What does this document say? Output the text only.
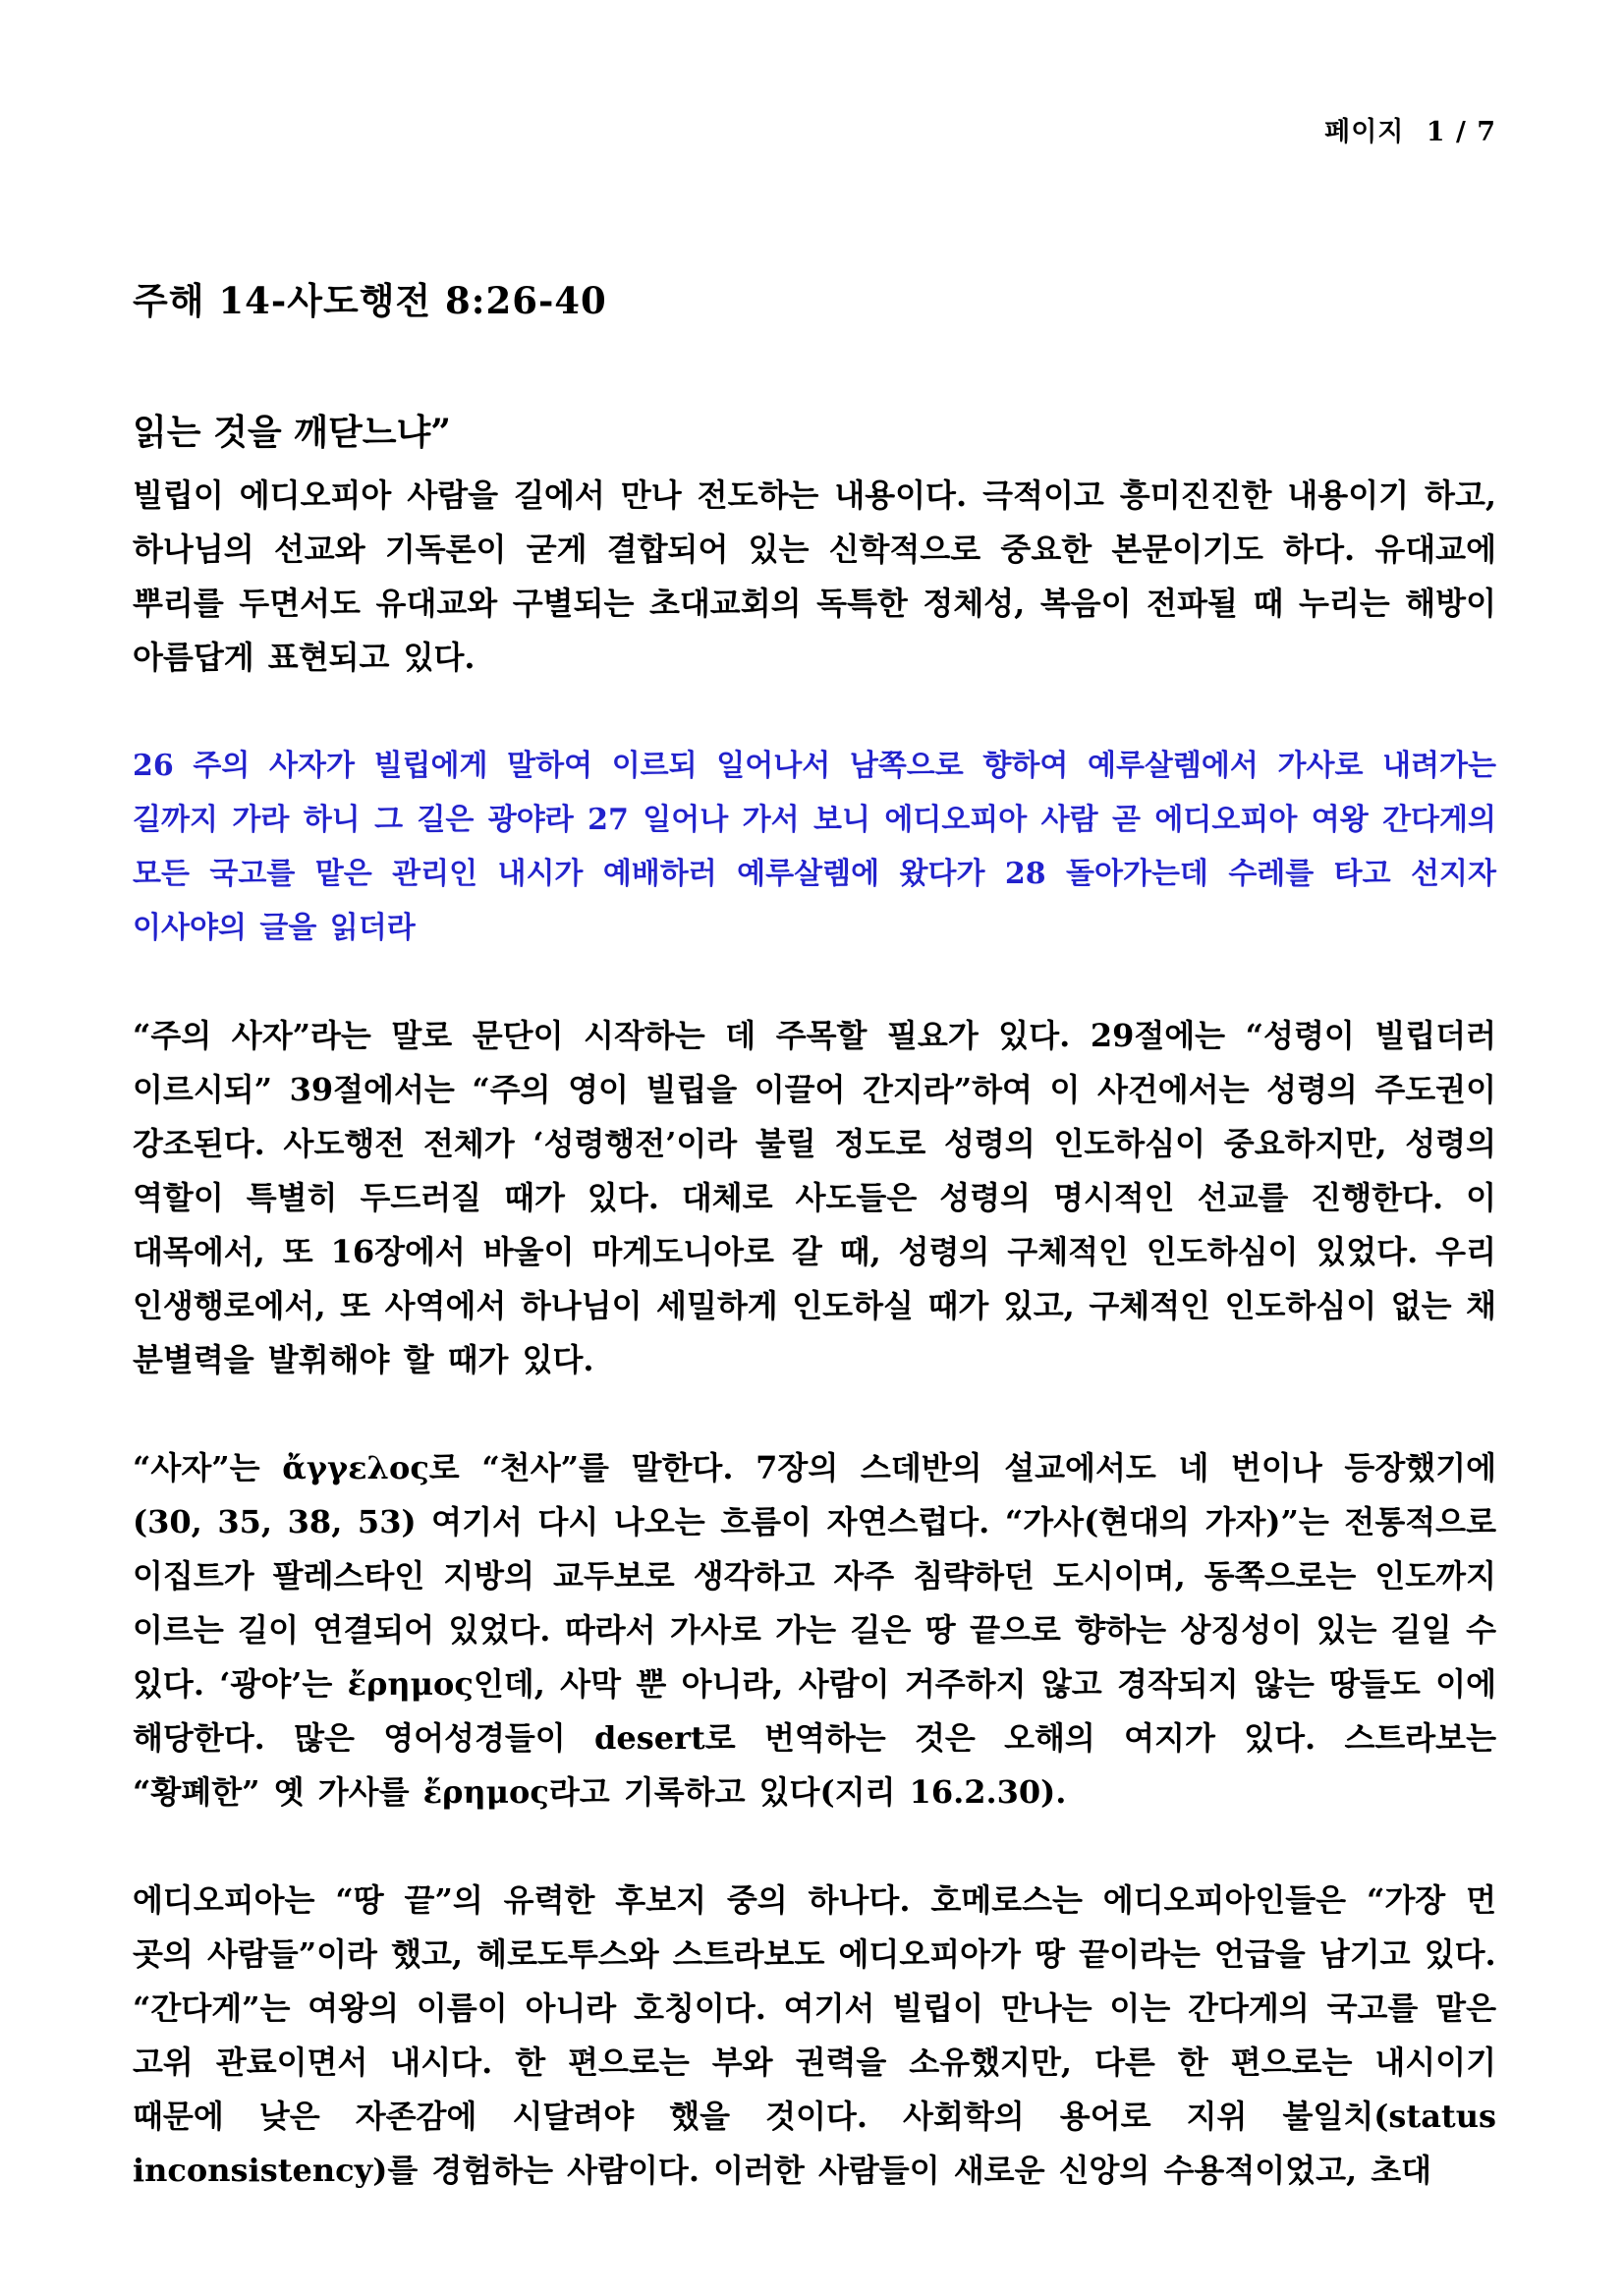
페이지 1 / 7
주해 14-사도행전 8:26-40
읽는 것을 깨닫느냐”

빌립이 에디오피아 사람을 길에서 만나 전도하는 내용이다. 극적이고 흥미진진한 내용이기 하고, 하나님의 선교와 기독론이 굳게 결합되어 있는 신학적으로 중요한 본문이기도 하다. 유대교에 뿌리를 두면서도 유대교와 구별되는 초대교회의 독특한 정체성, 복음이 전파될 때 누리는 해방이 아름답게 표현되고 있다.

26 주의 사자가 빌립에게 말하여 이르되 일어나서 남쪽으로 향하여 예루살렘에서 가사로 내려가는 길까지 가라 하니 그 길은 광야라 27 일어나 가서 보니 에디오피아 사람 곧 에디오피아 여왕 간다게의 모든 국고를 맡은 관리인 내시가 예배하러 예루살렘에 왔다가 28 돌아가는데 수레를 타고 선지자 이사야의 글을 읽더라

“주의 사자”라는 말로 문단이 시작하는 데 주목할 필요가 있다. 29절에는 “성령이 빌립더러 이르시되” 39절에서는 “주의 영이 빌립을 이끌어 간지라”하여 이 사건에서는 성령의 주도권이 강조된다. 사도행전 전체가 ‘성령행전’이라 불릴 정도로 성령의 인도하심이 중요하지만, 성령의 역할이 특별히 두드러질 때가 있다. 대체로 사도들은 성령의 명시적인 선교를 진행한다. 이 대목에서, 또 16장에서 바울이 마게도니아로 갈 때, 성령의 구체적인 인도하심이 있었다. 우리 인생행로에서, 또 사역에서 하나님이 세밀하게 인도하실 때가 있고, 구체적인 인도하심이 없는 채 분별력을 발휘해야 할 때가 있다.

“사자”는 ἄγγελος로 “천사”를 말한다. 7장의 스데반의 설교에서도 네 번이나 등장했기에 (30, 35, 38, 53) 여기서 다시 나오는 흐름이 자연스럽다. “가사(현대의 가자)”는 전통적으로 이집트가 팔레스타인 지방의 교두보로 생각하고 자주 침략하던 도시이며, 동쪽으로는 인도까지 이르는 길이 연결되어 있었다. 따라서 가사로 가는 길은 땅 끝으로 향하는 상징성이 있는 길일 수 있다. ‘광야’는 ἔρημος인데, 사막 뿐 아니라, 사람이 거주하지 않고 경작되지 않는 땅들도 이에 해당한다. 많은 영어성경들이 desert로 번역하는 것은 오해의 여지가 있다. 스트라보는 “황폐한” 옛 가사를 ἔρημος라고 기록하고 있다(지리 16.2.30).

에디오피아는 “땅 끝”의 유력한 후보지 중의 하나다. 호메로스는 에디오피아인들은 “가장 먼 곳의 사람들”이라 했고, 헤로도투스와 스트라보도 에디오피아가 땅 끝이라는 언급을 남기고 있다.

“간다게”는 여왕의 이름이 아니라 호칭이다. 여기서 빌립이 만나는 이는 간다게의 국고를 맡은 고위 관료이면서 내시다. 한 편으로는 부와 권력을 소유했지만, 다른 한 편으로는 내시이기 때문에 낮은 자존감에 시달려야 했을 것이다. 사회학의 용어로 지위 불일치(status inconsistency)를 경험하는 사람이다. 이러한 사람들이 새로운 신앙의 수용적이었고, 초대
